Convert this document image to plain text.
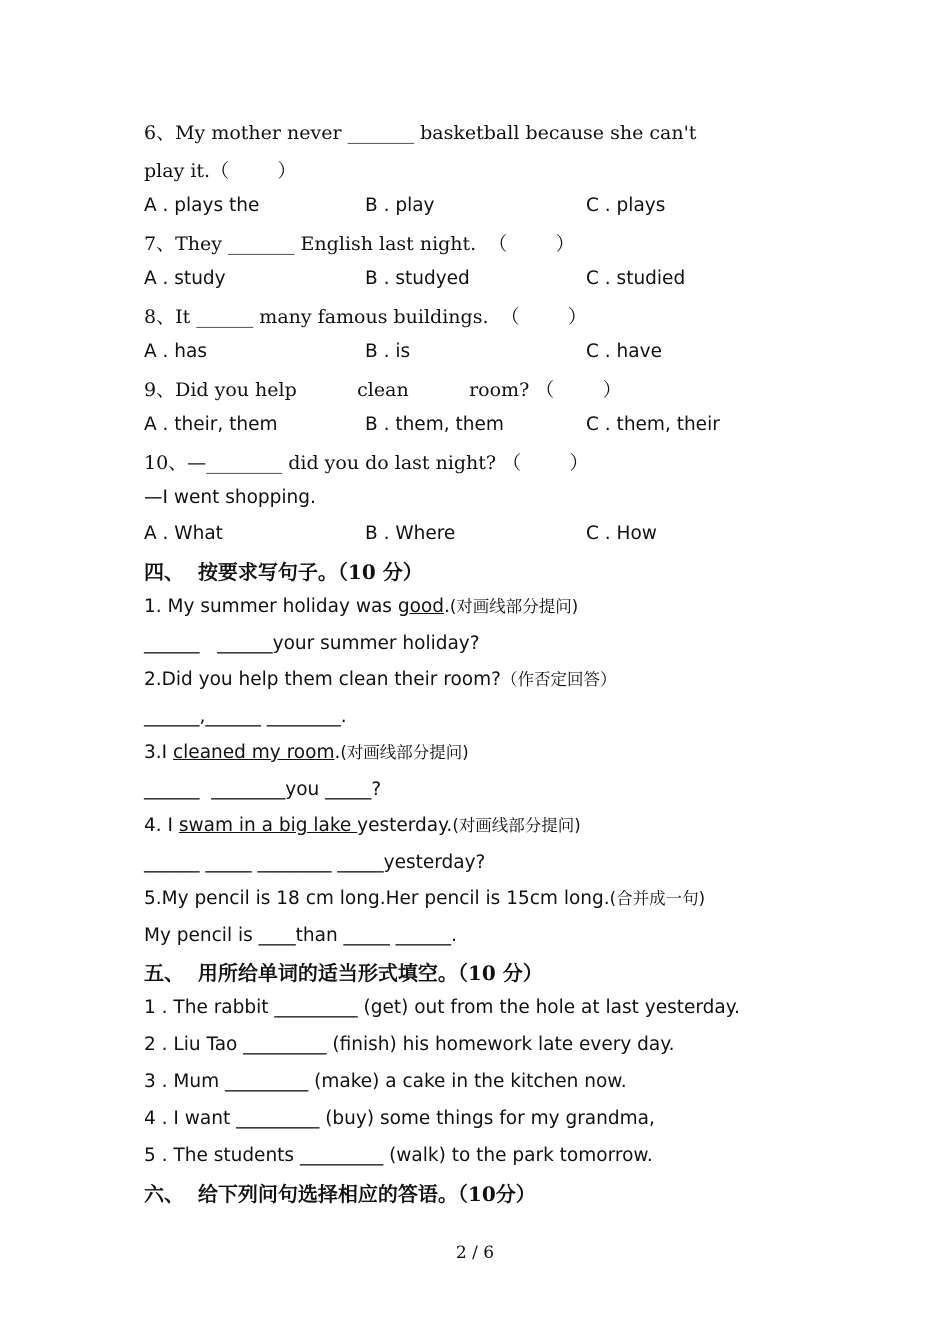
6、My mother never _______ basketball because she can't
play it.（        ）
A . plays the	B . play	C . plays
7、They _______ English last night.  （        ）
A . study	B . studyed	C . studied
8、It ______ many famous buildings.  （        ）
A . has	B . is	C . have
9、Did you help          clean          room? （        ）
A . their, them	B . them, them	C . them, their
10、—________ did you do last night? （        ）
—I went shopping.
A . What	B . Where	C . How
四、  按要求写句子。（10 分）
1. My summer holiday was good.(对画线部分提问)
______   ______your summer holiday?
2.Did you help them clean their room?（作否定回答）
______,______ ________.
3.I cleaned my room.(对画线部分提问)
______  ________you _____?
4. I swam in a big lake yesterday.(对画线部分提问)
______ _____ ________ _____yesterday?
5.My pencil is 18 cm long.Her pencil is 15cm long.(合并成一句)
My pencil is ____than _____ ______.
五、  用所给单词的适当形式填空。（10 分）
1 . The rabbit _________ (get) out from the hole at last yesterday.
2 . Liu Tao _________ (finish) his homework late every day.
3 . Mum _________ (make) a cake in the kitchen now.
4 . I want _________ (buy) some things for my grandma,
5 . The students _________ (walk) to the park tomorrow.
六、  给下列问句选择相应的答语。（10分）
2 / 6
